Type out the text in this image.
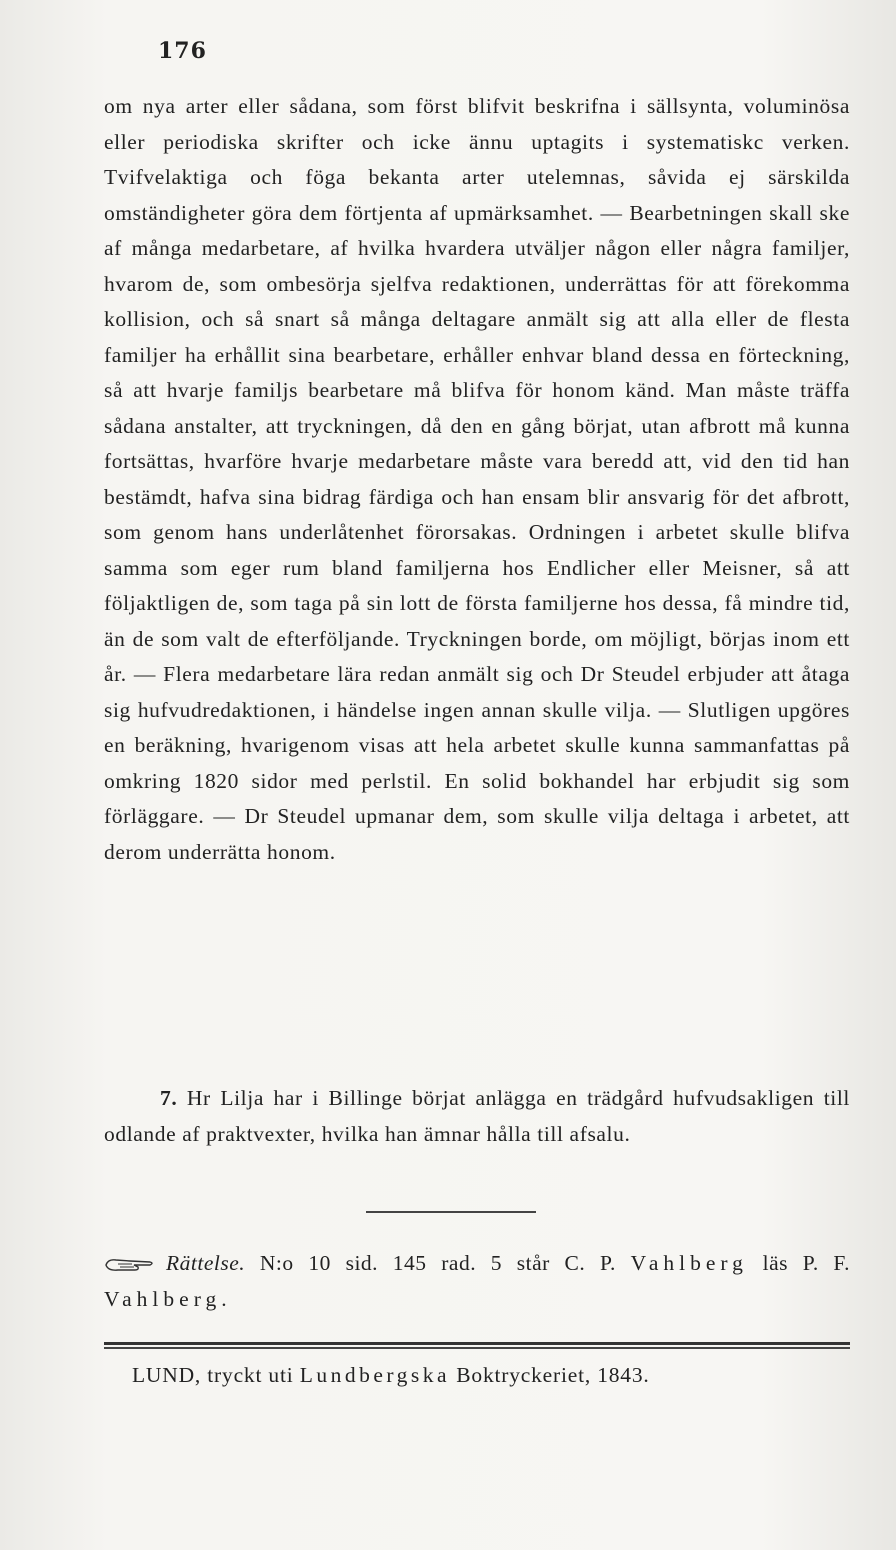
176

om nya arter eller sådana, som först blifvit beskrifna i sällsynta, voluminösa eller periodiska skrifter och icke ännu uptagits i systematiskc verken. Tvifvelaktiga och föga bekanta arter utelemnas, såvida ej särskilda omständigheter göra dem förtjenta af upmärksamhet. — Bearbetningen skall ske af många medarbetare, af hvilka hvardera utväljer någon eller några familjer, hvarom de, som ombesörja sjelfva redaktionen, underrättas för att förekomma kollision, och så snart så många deltagare anmält sig att alla eller de flesta familjer ha erhållit sina bearbetare, erhåller enhvar bland dessa en förteckning, så att hvarje familjs bearbetare må blifva för honom känd. Man måste träffa sådana anstalter, att tryckningen, då den en gång börjat, utan afbrott må kunna fortsättas, hvarföre hvarje medarbetare måste vara beredd att, vid den tid han bestämdt, hafva sina bidrag färdiga och han ensam blir ansvarig för det afbrott, som genom hans underlåtenhet förorsakas. Ordningen i arbetet skulle blifva samma som eger rum bland familjerna hos Endlicher eller Meisner, så att följaktligen de, som taga på sin lott de första familjerne hos dessa, få mindre tid, än de som valt de efterföljande. Tryckningen borde, om möjligt, börjas inom ett år. — Flera medarbetare lära redan anmält sig och Dr Steudel erbjuder att åtaga sig hufvudredaktionen, i händelse ingen annan skulle vilja. — Slutligen upgöres en beräkning, hvarigenom visas att hela arbetet skulle kunna sammanfattas på omkring 1820 sidor med perlstil. En solid bokhandel har erbjudit sig som förläggare. — Dr Steudel upmanar dem, som skulle vilja deltaga i arbetet, att derom underrätta honom.

7. Hr Lilja har i Billinge börjat anlägga en trädgård hufvudsakligen till odlande af praktvexter, hvilka han ämnar hålla till afsalu.

Rättelse. N:o 10 sid. 145 rad. 5 står C. P. Vahlberg läs P. F. Vahlberg.

LUND, tryckt uti Lundbergska Boktryckeriet, 1843.
